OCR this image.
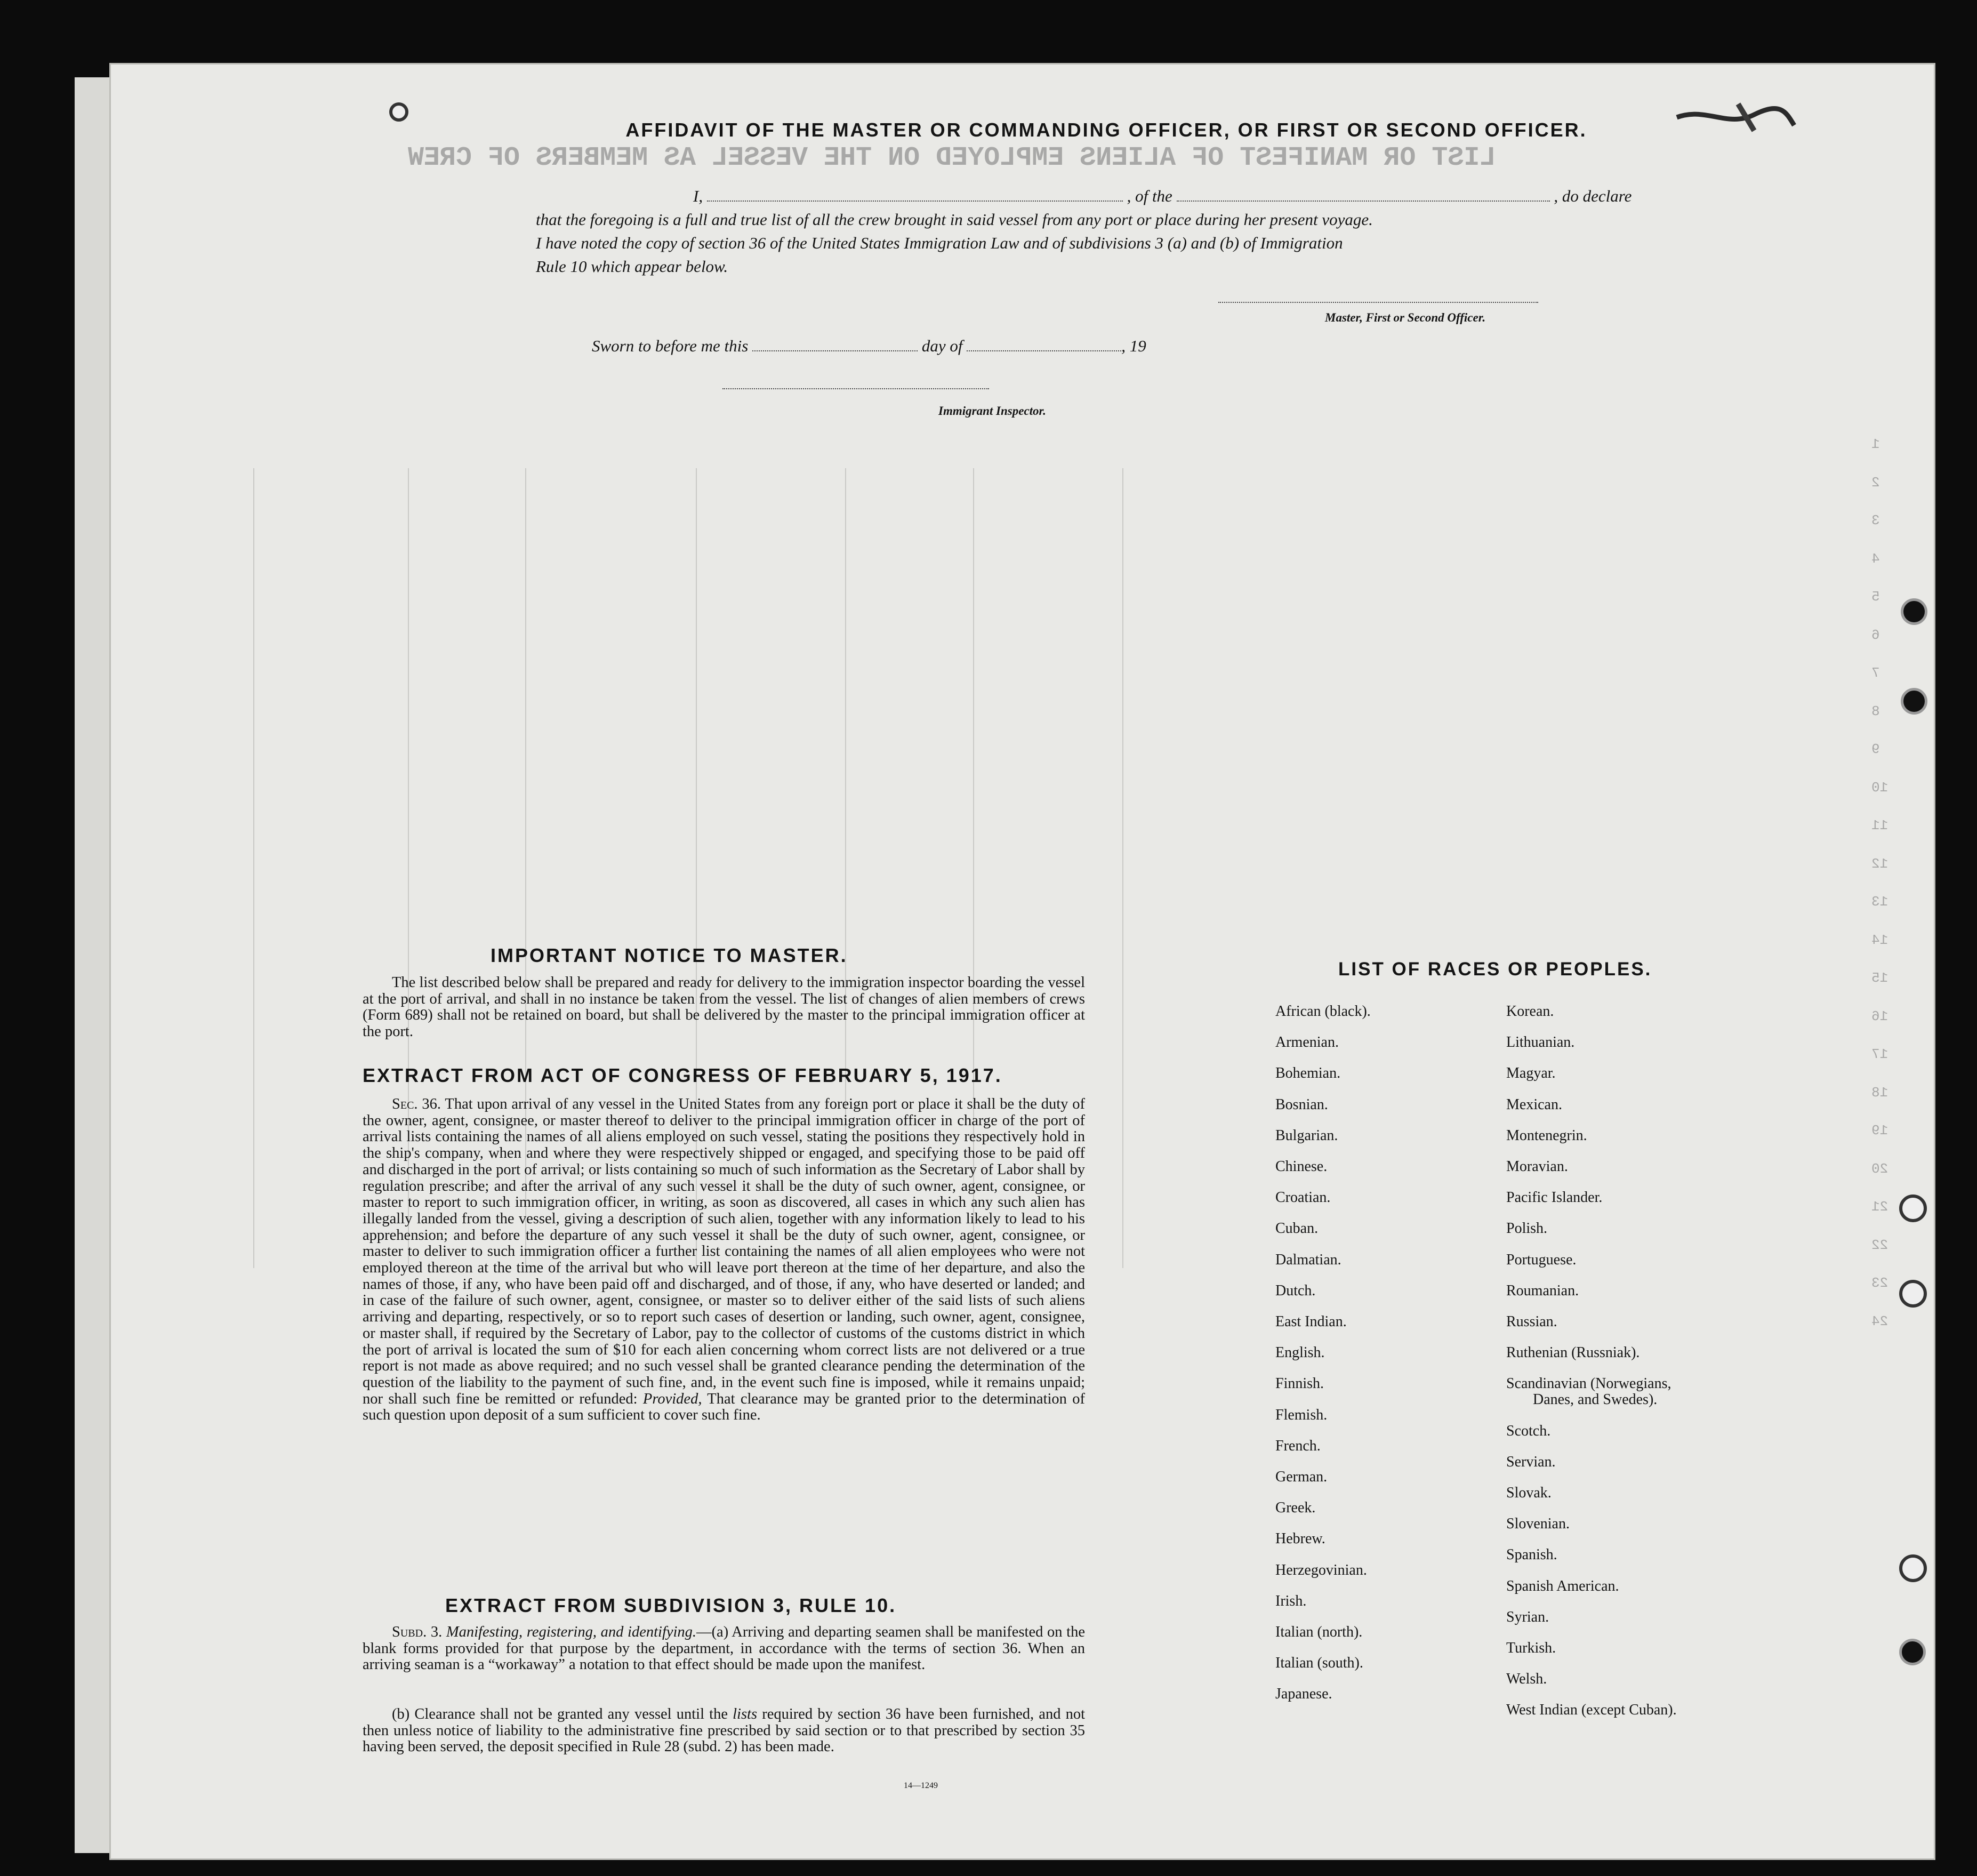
LIST OR MANIFEST OF ALIENS EMPLOYED ON THE VESSEL AS MEMBERS OF CREW
1
2
3
4
5
6
7
8
9
10
11
12
13
14
15
16
17
18
19
20
21
22
23
24
AFFIDAVIT OF THE MASTER OR COMMANDING OFFICER, OR FIRST OR SECOND OFFICER.
I,	, of the	, do declare
that the foregoing is a full and true list of all the crew brought in said vessel from any port or place during her present voyage.
I have noted the copy of section 36 of the United States Immigration Law and of subdivisions 3 (a) and (b) of Immigration
Rule 10 which appear below.
Master, First or Second Officer.
Sworn to before me this	day of	, 19
Immigrant Inspector.
IMPORTANT NOTICE TO MASTER.
The list described below shall be prepared and ready for delivery to the immigration inspector boarding the vessel at the port of arrival, and shall in no instance be taken from the vessel. The list of changes of alien members of crews (Form 689) shall not be retained on board, but shall be delivered by the master to the principal immigration officer at the port.
EXTRACT FROM ACT OF CONGRESS OF FEBRUARY 5, 1917.
Sec. 36. That upon arrival of any vessel in the United States from any foreign port or place it shall be the duty of the owner, agent, consignee, or master thereof to deliver to the principal immigration officer in charge of the port of arrival lists containing the names of all aliens employed on such vessel, stating the positions they respectively hold in the ship's company, when and where they were respectively shipped or engaged, and specifying those to be paid off and discharged in the port of arrival; or lists containing so much of such information as the Secretary of Labor shall by regulation prescribe; and after the arrival of any such vessel it shall be the duty of such owner, agent, consignee, or master to report to such immigration officer, in writing, as soon as discovered, all cases in which any such alien has illegally landed from the vessel, giving a description of such alien, together with any information likely to lead to his apprehension; and before the departure of any such vessel it shall be the duty of such owner, agent, consignee, or master to deliver to such immigration officer a further list containing the names of all alien employees who were not employed thereon at the time of the arrival but who will leave port thereon at the time of her departure, and also the names of those, if any, who have been paid off and discharged, and of those, if any, who have deserted or landed; and in case of the failure of such owner, agent, consignee, or master so to deliver either of the said lists of such aliens arriving and departing, respectively, or so to report such cases of desertion or landing, such owner, agent, consignee, or master shall, if required by the Secretary of Labor, pay to the collector of customs of the customs district in which the port of arrival is located the sum of $10 for each alien concerning whom correct lists are not delivered or a true report is not made as above required; and no such vessel shall be granted clearance pending the determination of the question of the liability to the payment of such fine, and, in the event such fine is imposed, while it remains unpaid; nor shall such fine be remitted or refunded: Provided, That clearance may be granted prior to the determination of such question upon deposit of a sum sufficient to cover such fine.
EXTRACT FROM SUBDIVISION 3, RULE 10.
Subd. 3. Manifesting, registering, and identifying.—(a) Arriving and departing seamen shall be manifested on the blank forms provided for that purpose by the department, in accordance with the terms of section 36. When an arriving seaman is a “workaway” a notation to that effect should be made upon the manifest.
(b) Clearance shall not be granted any vessel until the lists required by section 36 have been furnished, and not then unless notice of liability to the administrative fine prescribed by said section or to that prescribed by section 35 having been served, the deposit specified in Rule 28 (subd. 2) has been made.
14—1249
LIST OF RACES OR PEOPLES.
African (black).
Armenian.
Bohemian.
Bosnian.
Bulgarian.
Chinese.
Croatian.
Cuban.
Dalmatian.
Dutch.
East Indian.
English.
Finnish.
Flemish.
French.
German.
Greek.
Hebrew.
Herzegovinian.
Irish.
Italian (north).
Italian (south).
Japanese.
Korean.
Lithuanian.
Magyar.
Mexican.
Montenegrin.
Moravian.
Pacific Islander.
Polish.
Portuguese.
Roumanian.
Russian.
Ruthenian (Russniak).
Scandinavian (Norwegians,
Danes, and Swedes).
Scotch.
Servian.
Slovak.
Slovenian.
Spanish.
Spanish American.
Syrian.
Turkish.
Welsh.
West Indian (except Cuban).
